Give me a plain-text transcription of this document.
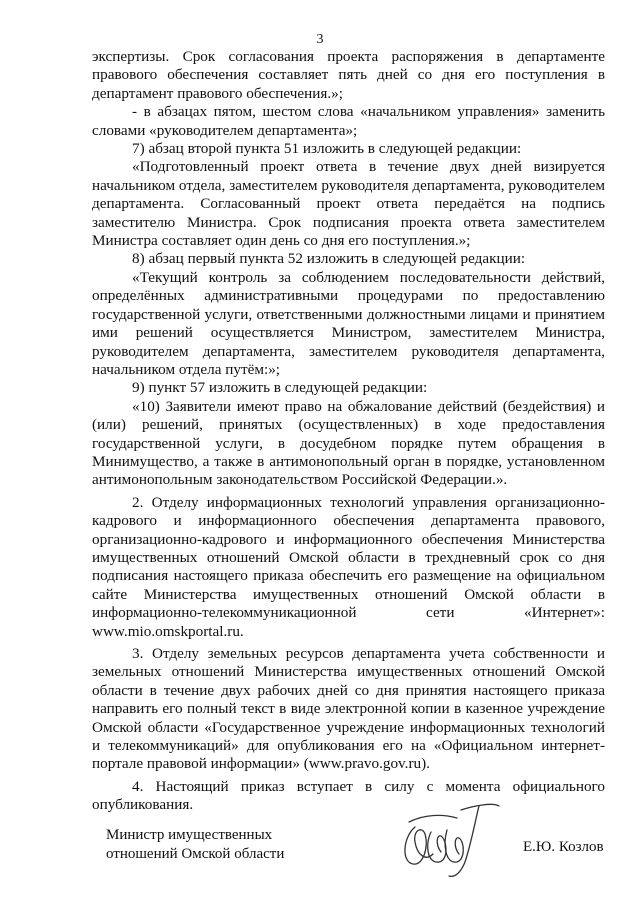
3

экспертизы. Срок согласования проекта распоряжения в департаменте правового обеспечения составляет пять дней со дня его поступления в департамент правового обеспечения.»;

- в абзацах пятом, шестом слова «начальником управления» заменить словами «руководителем департамента»;

7) абзац второй пункта 51 изложить в следующей редакции:

«Подготовленный проект ответа в течение двух дней визируется начальником отдела, заместителем руководителя департамента, руководителем департамента. Согласованный проект ответа передаётся на подпись заместителю Министра. Срок подписания проекта ответа заместителем Министра составляет один день со дня его поступления.»;

8) абзац первый пункта 52 изложить в следующей редакции:

«Текущий контроль за соблюдением последовательности действий, определённых административными процедурами по предоставлению государственной услуги, ответственными должностными лицами и принятием ими решений осуществляется Министром, заместителем Министра, руководителем департамента, заместителем руководителя департамента, начальником отдела путём:»;

9) пункт 57 изложить в следующей редакции:

«10) Заявители имеют право на обжалование действий (бездействия) и (или) решений, принятых (осуществленных) в ходе предоставления государственной услуги, в досудебном порядке путем обращения в Минимущество, а также в антимонопольный орган в порядке, установленном антимонопольным законодательством Российской Федерации.».

2. Отделу информационных технологий управления организационно-кадрового и информационного обеспечения департамента правового, организационно-кадрового и информационного обеспечения Министерства имущественных отношений Омской области в трехдневный срок со дня подписания настоящего приказа обеспечить его размещение на официальном сайте Министерства имущественных отношений Омской области в информационно-телекоммуникационной сети «Интернет»: www.mio.omskportal.ru.

3. Отделу земельных ресурсов департамента учета собственности и земельных отношений Министерства имущественных отношений Омской области в течение двух рабочих дней со дня принятия настоящего приказа направить его полный текст в виде электронной копии в казенное учреждение Омской области «Государственное учреждение информационных технологий и телекоммуникаций» для опубликования его на «Официальном интернет-портале правовой информации» (www.pravo.gov.ru).

4. Настоящий приказ вступает в силу с момента официального опубликования.

Министр имущественных
отношений Омской области	Е.Ю. Козлов
